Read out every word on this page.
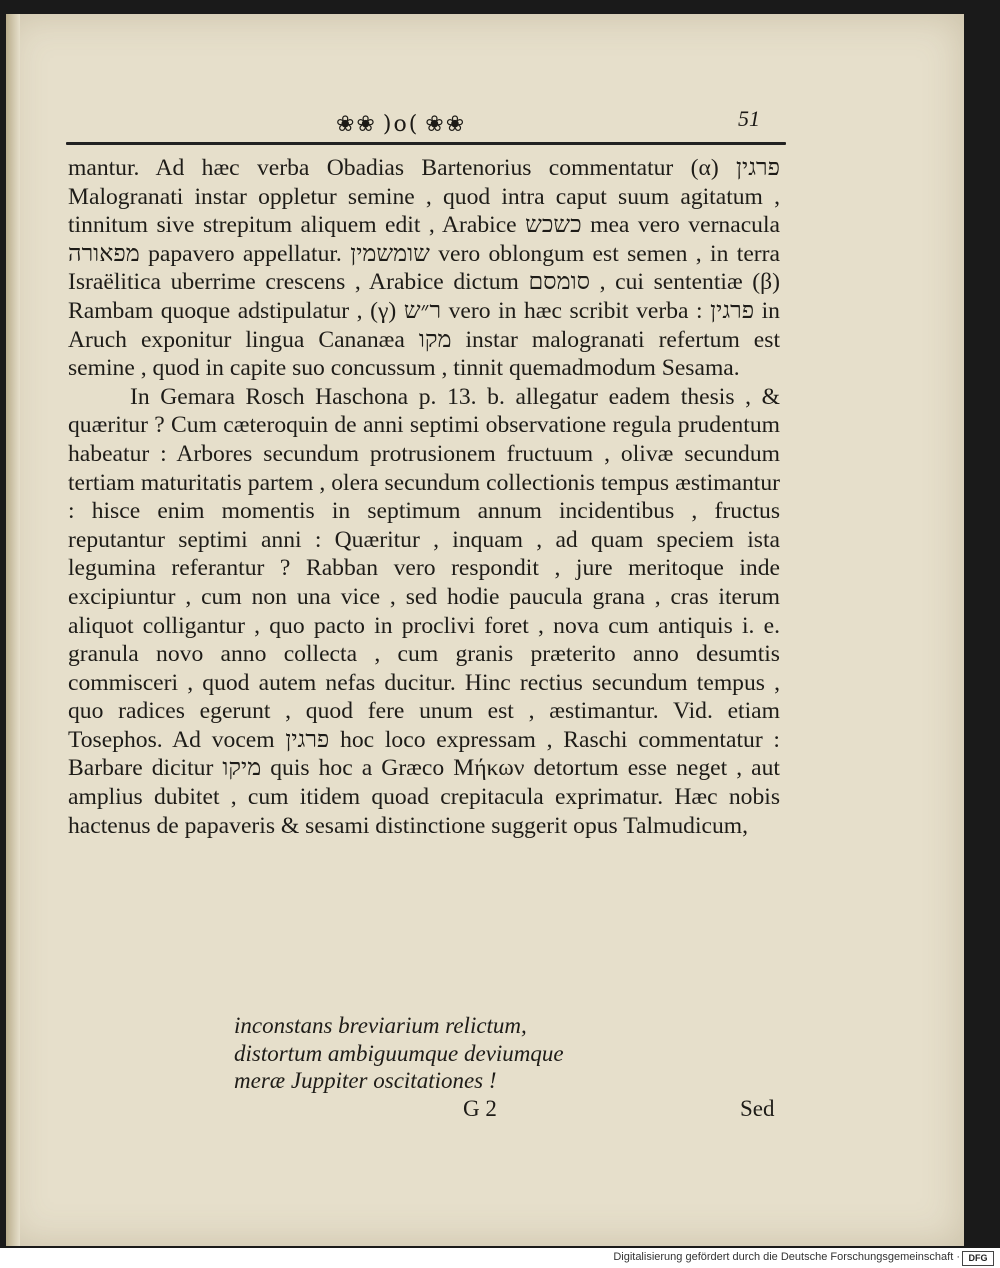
❀❀ )o( ❀❀	51

mantur. Ad hæc verba Obadias Bartenorius commentatur (α) פרגין Malogranati instar oppletur semine , quod intra caput suum agitatum , tinnitum sive strepitum aliquem edit , Arabice כשכש mea vero vernacula מפאורה papavero appellatur. שומשמין vero oblongum est semen , in terra Israëlitica uberrime crescens , Arabice dictum סומסם , cui sententiæ (β) Rambam quoque adstipulatur , (γ) ר״ש vero in hæc scribit verba : פרגין in Aruch exponitur lingua Cananæa מקו instar malogranati refertum est semine , quod in capite suo concussum , tinnit quemadmodum Sesama.

In Gemara Rosch Haschona p. 13. b. allegatur eadem thesis , & quæritur ? Cum cæteroquin de anni septimi observatione regula prudentum habeatur : Arbores secundum protrusionem fructuum , olivæ secundum tertiam maturitatis partem , olera secundum collectionis tempus æstimantur : hisce enim momentis in septimum annum incidentibus , fructus reputantur septimi anni : Quæritur , inquam , ad quam speciem ista legumina referantur ? Rabban vero respondit , jure meritoque inde excipiuntur , cum non una vice , sed hodie paucula grana , cras iterum aliquot colligantur , quo pacto in proclivi foret , nova cum antiquis i. e. granula novo anno collecta , cum granis præterito anno desumtis commisceri , quod autem nefas ducitur. Hinc rectius secundum tempus , quo radices egerunt , quod fere unum est , æstimantur. Vid. etiam Tosephos. Ad vocem פרגין hoc loco expressam , Raschi commentatur : Barbare dicitur מיקו quis hoc a Græco Μήκων detortum esse neget , aut amplius dubitet , cum itidem quoad crepitacula exprimatur. Hæc nobis hactenus de papaveris & sesami distinctione suggerit opus Talmudicum,

inconstans breviarium relictum,
distortum ambiguumque deviumque
meræ Juppiter oscitationes !
G 2	Sed
Digitalisierung gefördert durch die Deutsche Forschungsgemeinschaft · DFG
